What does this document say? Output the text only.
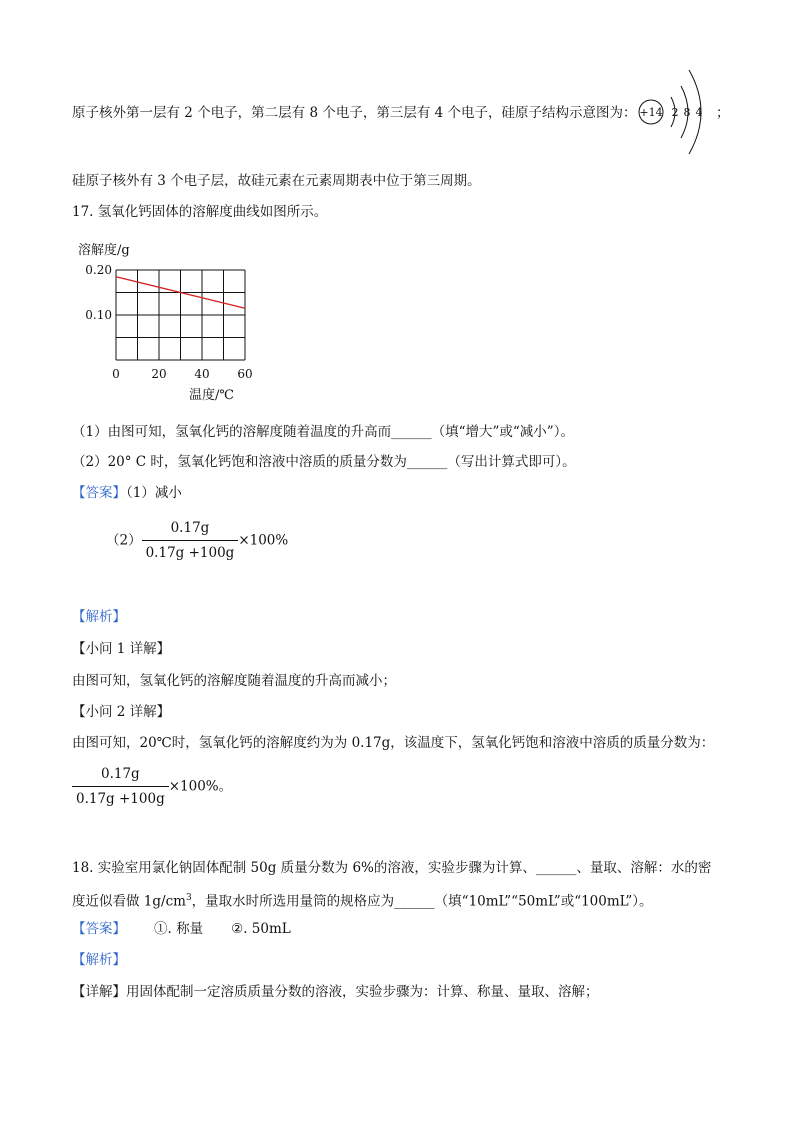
原子核外第一层有 2 个电子，第二层有 8 个电子，第三层有 4 个电子，硅原子结构示意图为： +14 2 8 4 ；
硅原子核外有 3 个电子层，故硅元素在元素周期表中位于第三周期。
17. 氢氧化钙固体的溶解度曲线如图所示。
溶解度/g
0	20 40 60
0.10
0.20
温度/℃
（1）由图可知，氢氧化钙的溶解度随着温度的升高而______（填“增大”或“减小”）。
（2）20° C 时，氢氧化钙饱和溶液中溶质的质量分数为______（写出计算式即可）。
【答案】（1）减小
$(2) \frac{0.17g}{0.17g +100g} \times 100\%$
【解析】
【小问 1 详解】
由图可知，氢氧化钙的溶解度随着温度的升高而减小；
【小问 2 详解】
由图可知，20℃时，氢氧化钙的溶解度约为为 0.17g，该温度下，氢氧化钙饱和溶液中溶质的质量分数为：
$\frac{0.17g}{0.17g +100g} \times 100\%$。
18. 实验室用氯化钠固体配制 50g 质量分数为 6%的溶液，实验步骤为计算、______、量取、溶解：水的密
度近似看做 $1g/cm^3$，量取水时所选用量筒的规格应为______（填“10mL”“50mL”或“100mL”）。
【答案】 ①. 称量 ②. 50mL
【解析】
【详解】用固体配制一定溶质质量分数的溶液，实验步骤为：计算、称量、量取、溶解；
